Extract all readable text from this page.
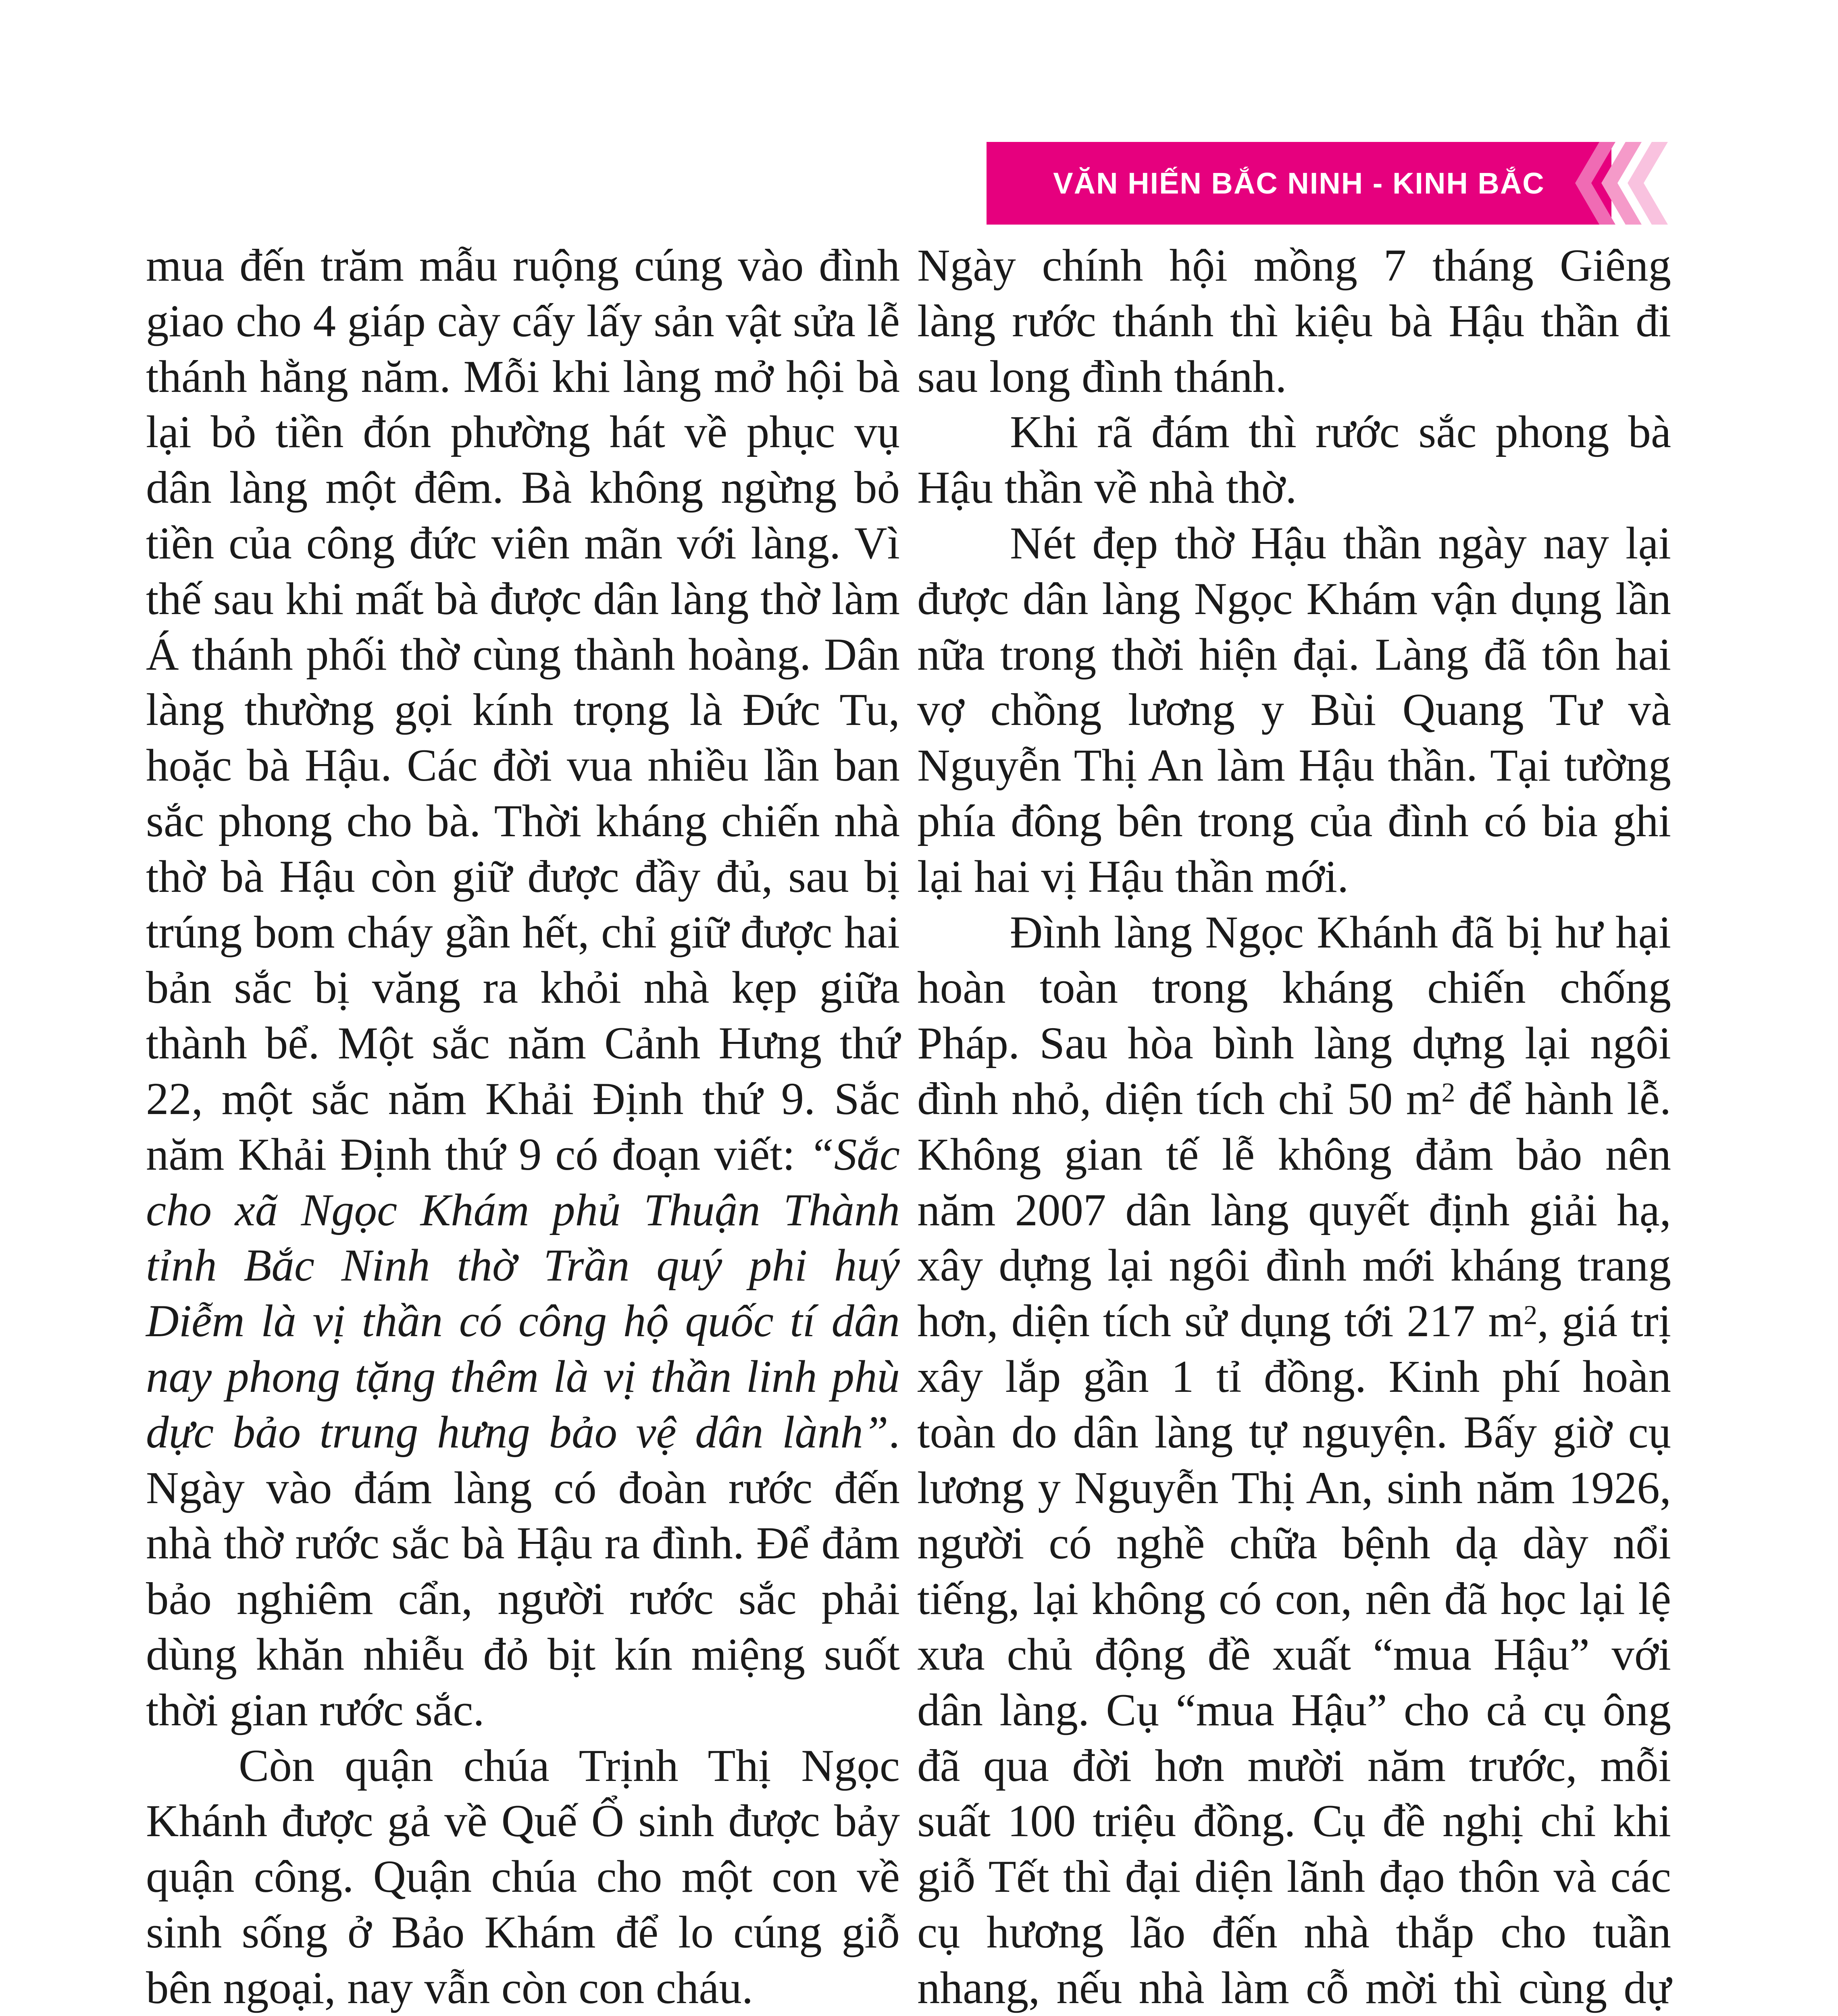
VĂN HIẾN BẮC NINH - KINH BẮC

mua đến trăm mẫu ruộng cúng vào đình giao cho 4 giáp cày cấy lấy sản vật sửa lễ thánh hằng năm. Mỗi khi làng mở hội bà lại bỏ tiền đón phường hát về phục vụ dân làng một đêm. Bà không ngừng bỏ tiền của công đức viên mãn với làng. Vì thế sau khi mất bà được dân làng thờ làm Á thánh phối thờ cùng thành hoàng. Dân làng thường gọi kính trọng là Đức Tu, hoặc bà Hậu. Các đời vua nhiều lần ban sắc phong cho bà. Thời kháng chiến nhà thờ bà Hậu còn giữ được đầy đủ, sau bị trúng bom cháy gần hết, chỉ giữ được hai bản sắc bị văng ra khỏi nhà kẹp giữa thành bể. Một sắc năm Cảnh Hưng thứ 22, một sắc năm Khải Định thứ 9. Sắc năm Khải Định thứ 9 có đoạn viết: “Sắc cho xã Ngọc Khám phủ Thuận Thành tỉnh Bắc Ninh thờ Trần quý phi huý Diễm là vị thần có công hộ quốc tí dân nay phong tặng thêm là vị thần linh phù dực bảo trung hưng bảo vệ dân lành”. Ngày vào đám làng có đoàn rước đến nhà thờ rước sắc bà Hậu ra đình. Để đảm bảo nghiêm cẩn, người rước sắc phải dùng khăn nhiễu đỏ bịt kín miệng suốt thời gian rước sắc.

Còn quận chúa Trịnh Thị Ngọc Khánh được gả về Quế Ổ sinh được bảy quận công. Quận chúa cho một con về sinh sống ở Bảo Khám để lo cúng giỗ bên ngoại, nay vẫn còn con cháu.

Ngày chính hội mồng 7 tháng Giêng làng rước thánh thì kiệu bà Hậu thần đi sau long đình thánh.

Khi rã đám thì rước sắc phong bà Hậu thần về nhà thờ.

Nét đẹp thờ Hậu thần ngày nay lại được dân làng Ngọc Khám vận dụng lần nữa trong thời hiện đại. Làng đã tôn hai vợ chồng lương y Bùi Quang Tư và Nguyễn Thị An làm Hậu thần. Tại tường phía đông bên trong của đình có bia ghi lại hai vị Hậu thần mới.

Đình làng Ngọc Khánh đã bị hư hại hoàn toàn trong kháng chiến chống Pháp. Sau hòa bình làng dựng lại ngôi đình nhỏ, diện tích chỉ 50 $m^2$ để hành lễ. Không gian tế lễ không đảm bảo nên năm 2007 dân làng quyết định giải hạ, xây dựng lại ngôi đình mới kháng trang hơn, diện tích sử dụng tới 217 $m^2$, giá trị xây lắp gần 1 tỉ đồng. Kinh phí hoàn toàn do dân làng tự nguyện. Bấy giờ cụ lương y Nguyễn Thị An, sinh năm 1926, người có nghề chữa bệnh dạ dày nổi tiếng, lại không có con, nên đã học lại lệ xưa chủ động đề xuất “mua Hậu” với dân làng. Cụ “mua Hậu” cho cả cụ ông đã qua đời hơn mười năm trước, mỗi suất 100 triệu đồng. Cụ đề nghị chỉ khi giỗ Tết thì đại diện lãnh đạo thôn và các cụ hương lão đến nhà thắp cho tuần nhang, nếu nhà làm cỗ mời thì cùng dự
